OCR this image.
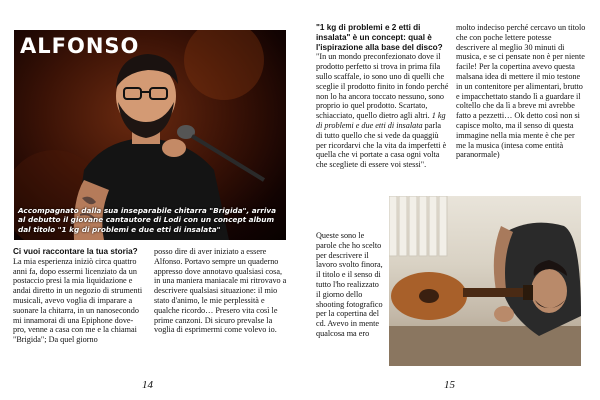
ALFONSO
Accompagnato dalla sua inseparabile chitarra "Brigida", arriva al debutto il giovane cantautore di Lodi con un concept album dal titolo "1 kg di problemi e due etti di insalata"
Ci vuoi raccontare la tua storia?
La mia esperienza iniziò circa quattro anni fa, dopo essermi licenziato da un postaccio presi la mia liquidazione e andai diretto in un negozio di strumenti musicali, avevo voglia di imparare a suonare la chitarra, in un nanosecondo mi innamorai di una Epiphone dove-pro, venne a casa con me e la chiamai "Brigida"; Da quel giorno
posso dire di aver iniziato a essere Alfonso. Portavo sempre un quaderno appresso dove annotavo qualsiasi cosa, in una maniera maniacale mi ritrovavo a descrivere qualsiasi situazione: il mio stato d'animo, le mie perplessità e qualche ricordo… Presero vita così le prime canzoni. Di sicuro prevalse la voglia di esprimermi come volevo io.
14
"1 kg di problemi e 2 etti di insalata" è un concept: qual è l'ispirazione alla base del disco?
"In un mondo preconfezionato dove il prodotto perfetto si trova in prima fila sullo scaffale, io sono uno di quelli che sceglie il prodotto finito in fondo perché non lo ha ancora toccato nessuno, sono proprio io quel prodotto. Scartato, schiacciato, quello dietro agli altri. 1 kg di problemi e due etti di insalata parla di tutto quello che si vede da quaggiù per ricordarvi che la vita da imperfetti è quella che vi portate a casa ogni volta che scegliete di essere voi stessi".
Queste sono le parole che ho scelto per descrivere il lavoro svolto finora, il titolo e il senso di tutto l'ho realizzato il giorno dello shooting fotografico per la copertina del cd. Avevo in mente qualcosa ma ero
molto indeciso perché cercavo un titolo che con poche lettere potesse descrivere al meglio 30 minuti di musica, e se ci pensate non è per niente facile! Per la copertina avevo questa malsana idea di mettere il mio testone in un contenitore per alimentari, brutto e impacchettato stando lì a guardare il coltello che da lì a breve mi avrebbe fatto a pezzetti… Ok detto così non si capisce molto, ma il senso di questa immagine nella mia mente è che per me la musica (intesa come entità paranormale)
15
